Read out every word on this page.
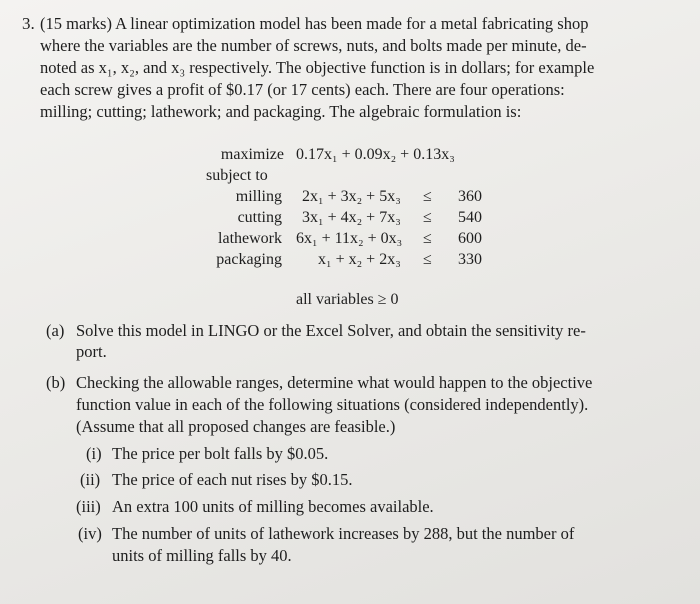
3. (15 marks) A linear optimization model has been made for a metal fabricating shop
where the variables are the number of screws, nuts, and bolts made per minute, de-
noted as x₁, x₂, and x₃ respectively. The objective function is in dollars; for example
each screw gives a profit of $0.17 (or 17 cents) each. There are four operations:
milling; cutting; lathework; and packaging. The algebraic formulation is:
maximize 0.17x₁ + 0.09x₂ + 0.13x₃
subject to
milling 2x₁ + 3x₂ + 5x₃ ≤ 360
cutting 3x₁ + 4x₂ + 7x₃ ≤ 540
lathework 6x₁ + 11x₂ + 0x₃ ≤ 600
packaging x₁ + x₂ + 2x₃ ≤ 330
all variables ≥ 0
(a) Solve this model in LINGO or the Excel Solver, and obtain the sensitivity re-
port.
(b) Checking the allowable ranges, determine what would happen to the objective
function value in each of the following situations (considered independently).
(Assume that all proposed changes are feasible.)
(i) The price per bolt falls by $0.05.
(ii) The price of each nut rises by $0.15.
(iii) An extra 100 units of milling becomes available.
(iv) The number of units of lathework increases by 288, but the number of
units of milling falls by 40.
